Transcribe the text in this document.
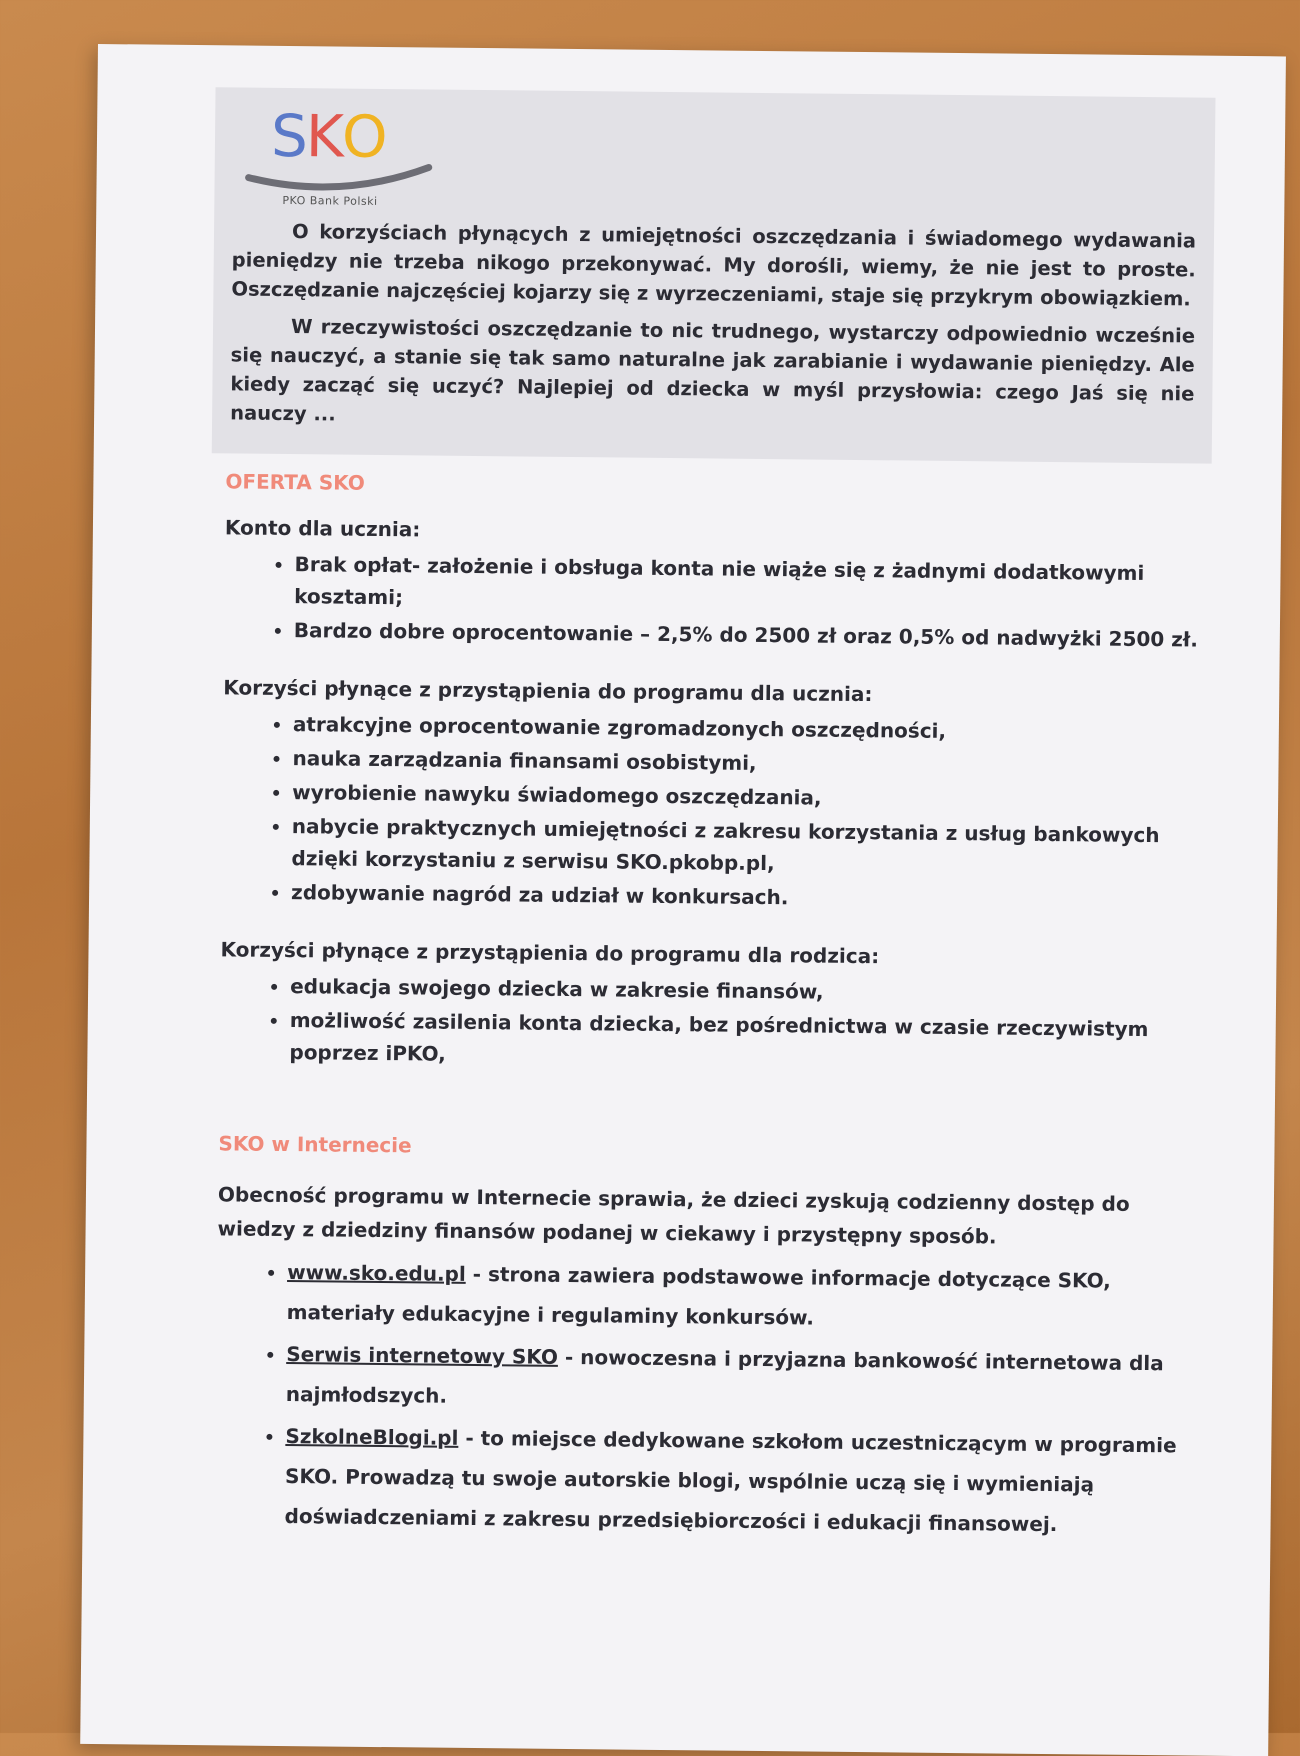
SKO
PKO Bank Polski

O korzyściach płynących z umiejętności oszczędzania i świadomego wydawania pieniędzy nie trzeba nikogo przekonywać. My dorośli, wiemy, że nie jest to proste. Oszczędzanie najczęściej kojarzy się z wyrzeczeniami, staje się przykrym obowiązkiem.

W rzeczywistości oszczędzanie to nic trudnego, wystarczy odpowiednio wcześnie się nauczyć, a stanie się tak samo naturalne jak zarabianie i wydawanie pieniędzy. Ale kiedy zacząć się uczyć? Najlepiej od dziecka w myśl przysłowia: czego Jaś się nie nauczy ...

OFERTA SKO
Konto dla ucznia:
• Brak opłat- założenie i obsługa konta nie wiąże się z żadnymi dodatkowymi kosztami;
• Bardzo dobre oprocentowanie – 2,5% do 2500 zł oraz 0,5% od nadwyżki 2500 zł.
Korzyści płynące z przystąpienia do programu dla ucznia:
• atrakcyjne oprocentowanie zgromadzonych oszczędności,
• nauka zarządzania finansami osobistymi,
• wyrobienie nawyku świadomego oszczędzania,
• nabycie praktycznych umiejętności z zakresu korzystania z usług bankowych dzięki korzystaniu z serwisu SKO.pkobp.pl,
• zdobywanie nagród za udział w konkursach.
Korzyści płynące z przystąpienia do programu dla rodzica:
• edukacja swojego dziecka w zakresie finansów,
• możliwość zasilenia konta dziecka, bez pośrednictwa w czasie rzeczywistym poprzez iPKO,
SKO w Internecie
Obecność programu w Internecie sprawia, że dzieci zyskują codzienny dostęp do wiedzy z dziedziny finansów podanej w ciekawy i przystępny sposób.
• www.sko.edu.pl - strona zawiera podstawowe informacje dotyczące SKO, materiały edukacyjne i regulaminy konkursów.
• Serwis internetowy SKO - nowoczesna i przyjazna bankowość internetowa dla najmłodszych.
• SzkolneBlogi.pl - to miejsce dedykowane szkołom uczestniczącym w programie SKO. Prowadzą tu swoje autorskie blogi, wspólnie uczą się i wymieniają doświadczeniami z zakresu przedsiębiorczości i edukacji finansowej.
